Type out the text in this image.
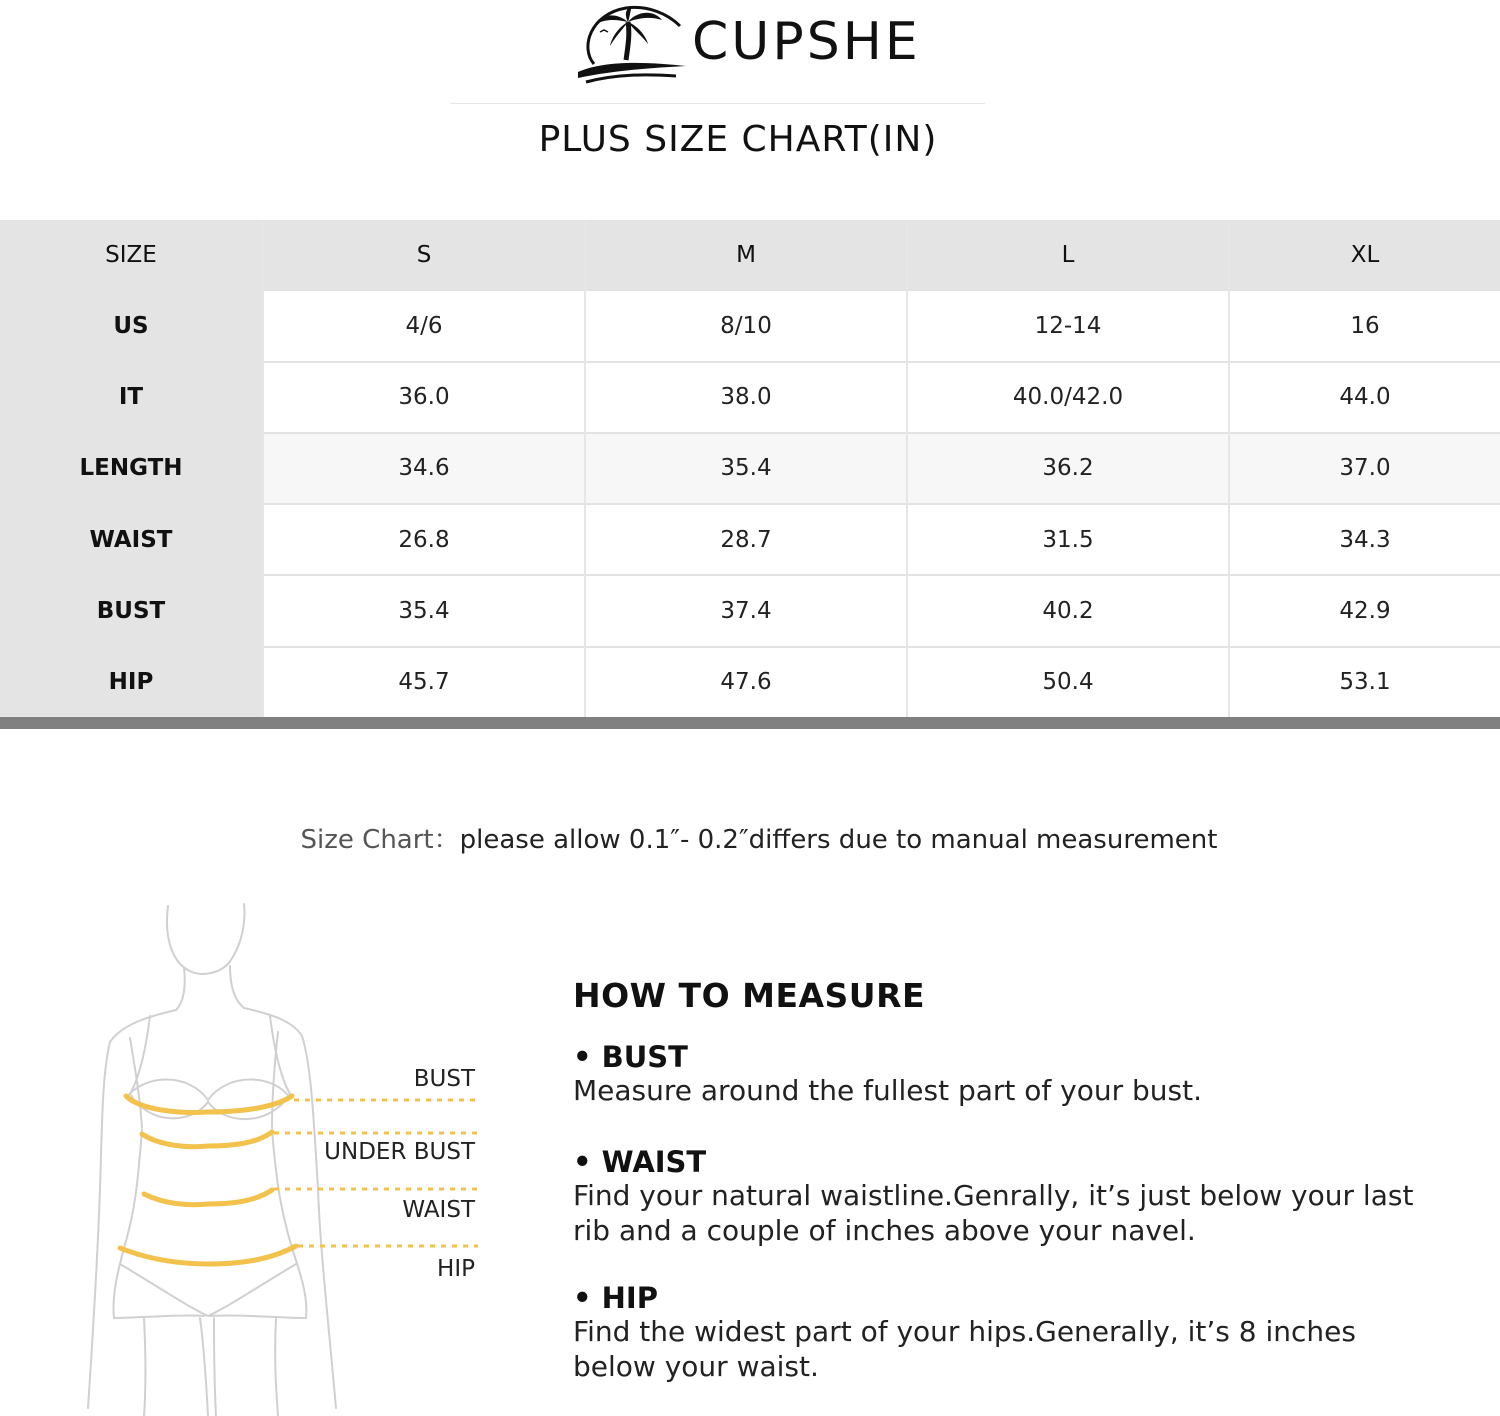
CUPSHE
PLUS SIZE CHART(IN)
SIZE	S	M	L	XL
US	4/6	8/10	12-14	16
IT	36.0	38.0	40.0/42.0	44.0
LENGTH	34.6	35.4	36.2	37.0
WAIST	26.8	28.7	31.5	34.3
BUST	35.4	37.4	40.2	42.9
HIP	45.7	47.6	50.4	53.1
Size Chart：please allow 0.1″- 0.2″differs due to manual measurement
BUST
UNDER BUST
WAIST
HIP
HOW TO MEASURE
• BUST
Measure around the fullest part of your bust.
• WAIST
Find your natural waistline.Genrally, it’s just below your last rib and a couple of inches above your navel.
• HIP
Find the widest part of your hips.Generally, it’s 8 inches below your waist.
